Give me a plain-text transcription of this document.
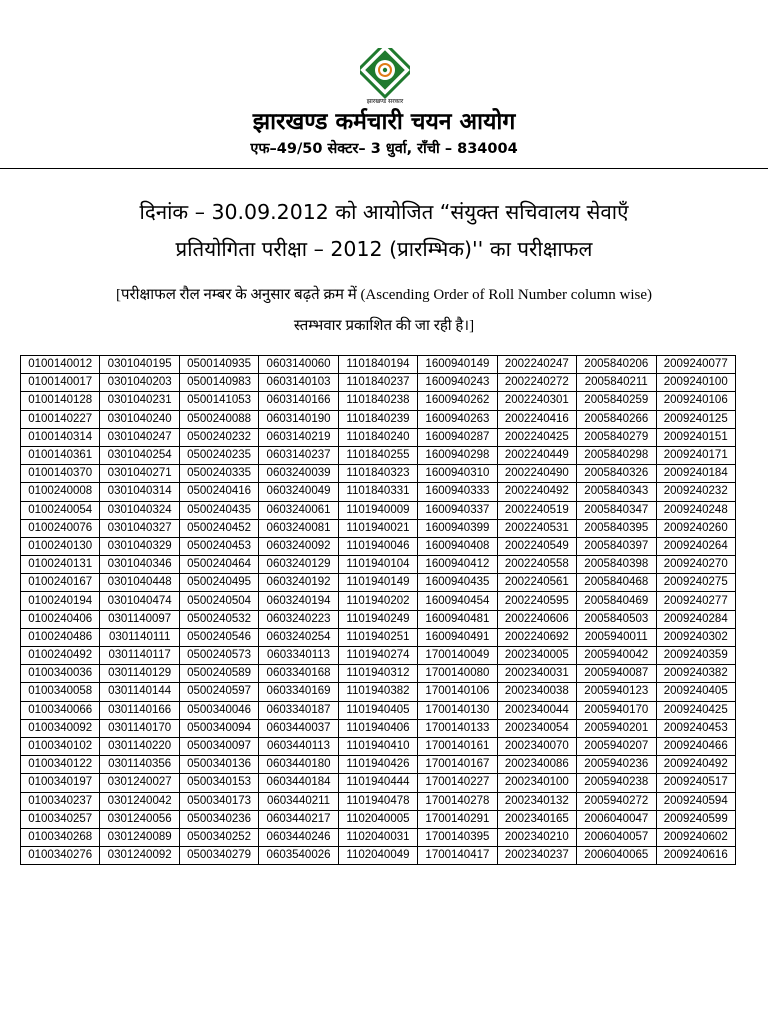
झारखण्ड सरकार
झारखण्ड कर्मचारी चयन आयोग
एफ–49/50 सेक्टर– 3 धुर्वा, राँची – 834004
दिनांक – 30.09.2012 को आयोजित “संयुक्त सचिवालय सेवाएँ
प्रतियोगिता परीक्षा – 2012 (प्रारम्भिक)'' का परीक्षाफल
[परीक्षाफल रौल नम्बर के अनुसार बढ़ते क्रम में (Ascending Order of Roll Number column wise)
स्तम्भवार प्रकाशित की जा रही है।]
0100140012	0301040195	0500140935	0603140060	1101840194	1600940149	2002240247	2005840206	2009240077
0100140017	0301040203	0500140983	0603140103	1101840237	1600940243	2002240272	2005840211	2009240100
0100140128	0301040231	0500141053	0603140166	1101840238	1600940262	2002240301	2005840259	2009240106
0100140227	0301040240	0500240088	0603140190	1101840239	1600940263	2002240416	2005840266	2009240125
0100140314	0301040247	0500240232	0603140219	1101840240	1600940287	2002240425	2005840279	2009240151
0100140361	0301040254	0500240235	0603140237	1101840255	1600940298	2002240449	2005840298	2009240171
0100140370	0301040271	0500240335	0603240039	1101840323	1600940310	2002240490	2005840326	2009240184
0100240008	0301040314	0500240416	0603240049	1101840331	1600940333	2002240492	2005840343	2009240232
0100240054	0301040324	0500240435	0603240061	1101940009	1600940337	2002240519	2005840347	2009240248
0100240076	0301040327	0500240452	0603240081	1101940021	1600940399	2002240531	2005840395	2009240260
0100240130	0301040329	0500240453	0603240092	1101940046	1600940408	2002240549	2005840397	2009240264
0100240131	0301040346	0500240464	0603240129	1101940104	1600940412	2002240558	2005840398	2009240270
0100240167	0301040448	0500240495	0603240192	1101940149	1600940435	2002240561	2005840468	2009240275
0100240194	0301040474	0500240504	0603240194	1101940202	1600940454	2002240595	2005840469	2009240277
0100240406	0301140097	0500240532	0603240223	1101940249	1600940481	2002240606	2005840503	2009240284
0100240486	0301140111	0500240546	0603240254	1101940251	1600940491	2002240692	2005940011	2009240302
0100240492	0301140117	0500240573	0603340113	1101940274	1700140049	2002340005	2005940042	2009240359
0100340036	0301140129	0500240589	0603340168	1101940312	1700140080	2002340031	2005940087	2009240382
0100340058	0301140144	0500240597	0603340169	1101940382	1700140106	2002340038	2005940123	2009240405
0100340066	0301140166	0500340046	0603340187	1101940405	1700140130	2002340044	2005940170	2009240425
0100340092	0301140170	0500340094	0603440037	1101940406	1700140133	2002340054	2005940201	2009240453
0100340102	0301140220	0500340097	0603440113	1101940410	1700140161	2002340070	2005940207	2009240466
0100340122	0301140356	0500340136	0603440180	1101940426	1700140167	2002340086	2005940236	2009240492
0100340197	0301240027	0500340153	0603440184	1101940444	1700140227	2002340100	2005940238	2009240517
0100340237	0301240042	0500340173	0603440211	1101940478	1700140278	2002340132	2005940272	2009240594
0100340257	0301240056	0500340236	0603440217	1102040005	1700140291	2002340165	2006040047	2009240599
0100340268	0301240089	0500340252	0603440246	1102040031	1700140395	2002340210	2006040057	2009240602
0100340276	0301240092	0500340279	0603540026	1102040049	1700140417	2002340237	2006040065	2009240616
